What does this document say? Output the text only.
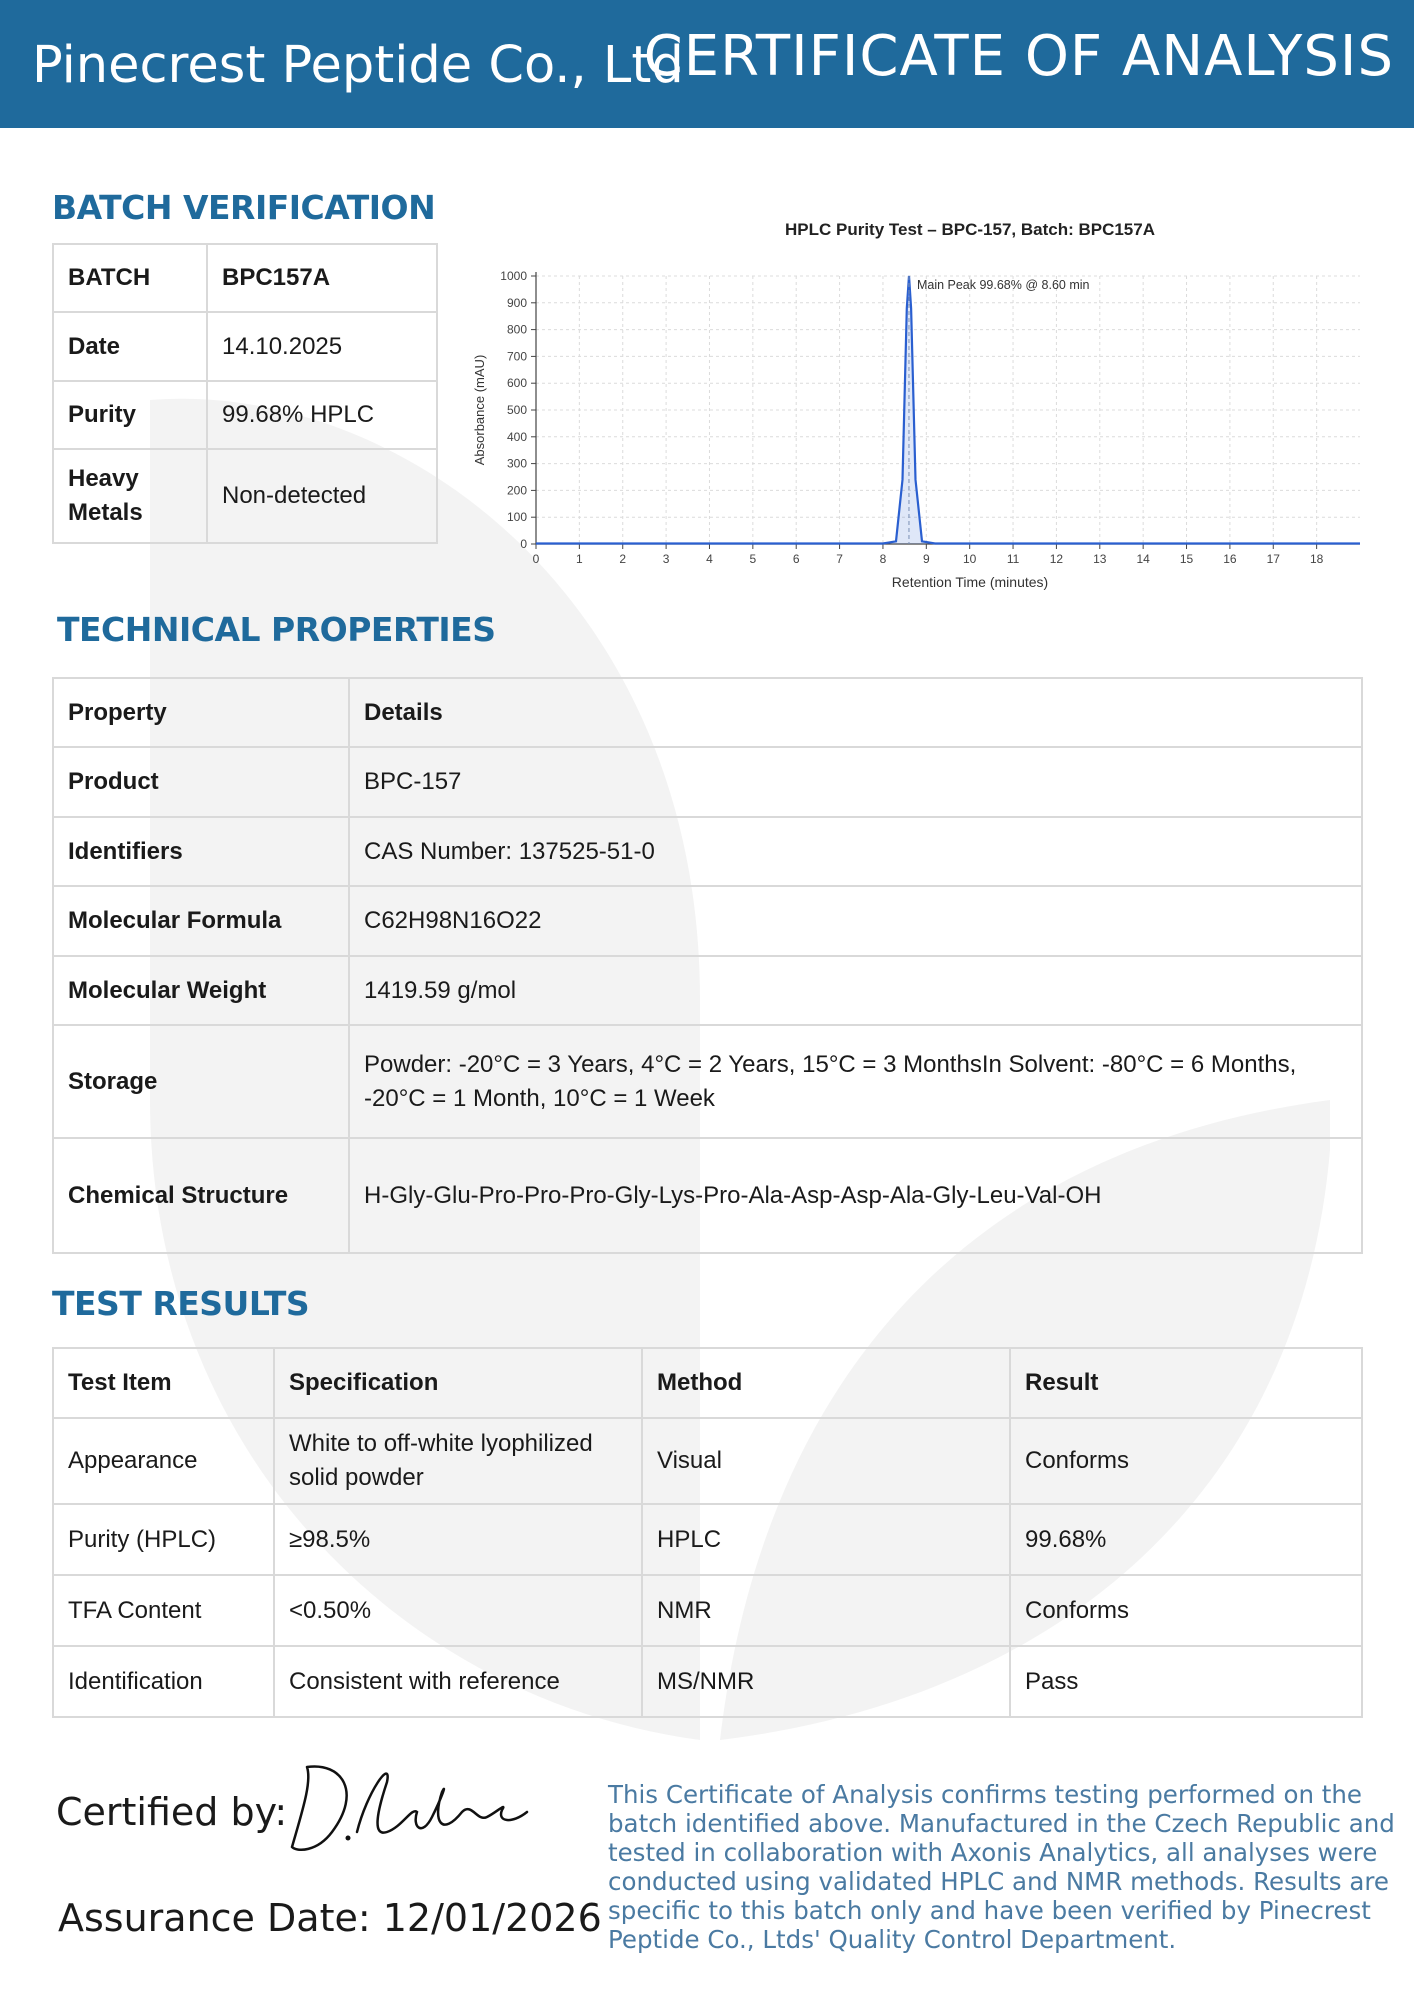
Pinecrest Peptide Co., Ltd
CERTIFICATE OF ANALYSIS
BATCH VERIFICATION
BATCH	BPC157A
Date	14.10.2025
Purity	99.68% HPLC
Heavy Metals	Non-detected
HPLC Purity Test – BPC-157, Batch: BPC157A
0	1	2	3	4	5	6	7	8	9	10	11	12	13	14	15	16	17	18
0
100
200
300
400
500
600
700
800
900
1000
Main Peak 99.68% @ 8.60 min
Retention Time (minutes)
Absorbance (mAU)
TECHNICAL PROPERTIES
Property	Details
Product	BPC-157
Identifiers	CAS Number: 137525-51-0
Molecular Formula	C62H98N16O22
Molecular Weight	1419.59 g/mol
Storage	Powder: -20°C = 3 Years, 4°C = 2 Years, 15°C = 3 MonthsIn Solvent: -80°C = 6 Months, -20°C = 1 Month, 10°C = 1 Week
Chemical Structure	H-Gly-Glu-Pro-Pro-Pro-Gly-Lys-Pro-Ala-Asp-Asp-Ala-Gly-Leu-Val-OH
TEST RESULTS
Test Item	Specification	Method	Result
Appearance	White to off-white lyophilized solid powder	Visual	Conforms
Purity (HPLC)	≥98.5%	HPLC	99.68%
TFA Content	<0.50%	NMR	Conforms
Identification	Consistent with reference	MS/NMR	Pass
Certified by:
Assurance Date: 12/01/2026
This Certificate of Analysis confirms testing performed on the batch identified above. Manufactured in the Czech Republic and tested in collaboration with Axonis Analytics, all analyses were conducted using validated HPLC and NMR methods. Results are specific to this batch only and have been verified by Pinecrest Peptide Co., Ltds' Quality Control Department.
